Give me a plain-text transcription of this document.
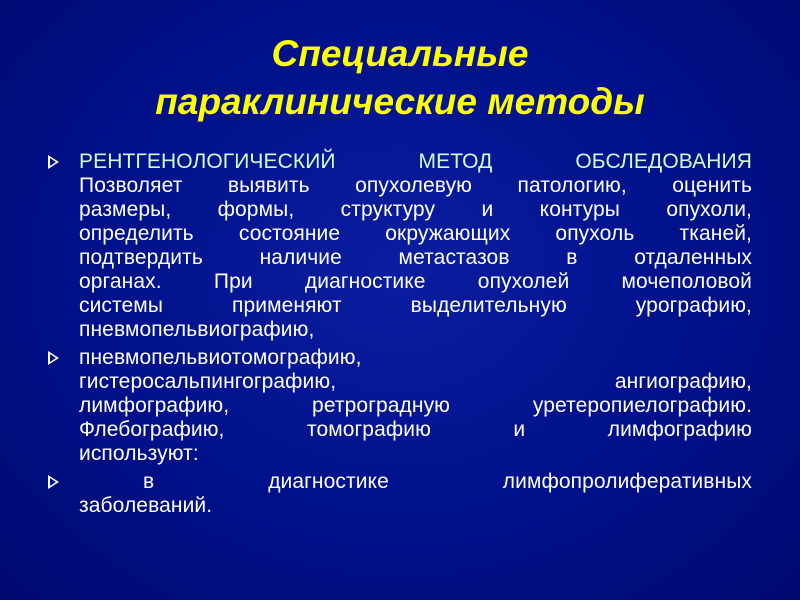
Специальные
параклинические методы
РЕНТГЕНОЛОГИЧЕСКИЙ МЕТОД ОБСЛЕДОВАНИЯ
Позволяет выявить опухолевую патологию, оценить
размеры, формы, структуру и контуры опухоли,
определить состояние окружающих опухоль тканей,
подтвердить наличие метастазов в отдаленных
органах. При диагностике опухолей мочеполовой
системы применяют выделительную урографию,
пневмопельвиографию,
пневмопельвиотомографию,
гистеросальпингографию, ангиографию,
лимфографию, ретроградную уретеропиелографию.
Флебографию, томографию и лимфографию
используют:
в диагностике лимфопролиферативных
заболеваний.
